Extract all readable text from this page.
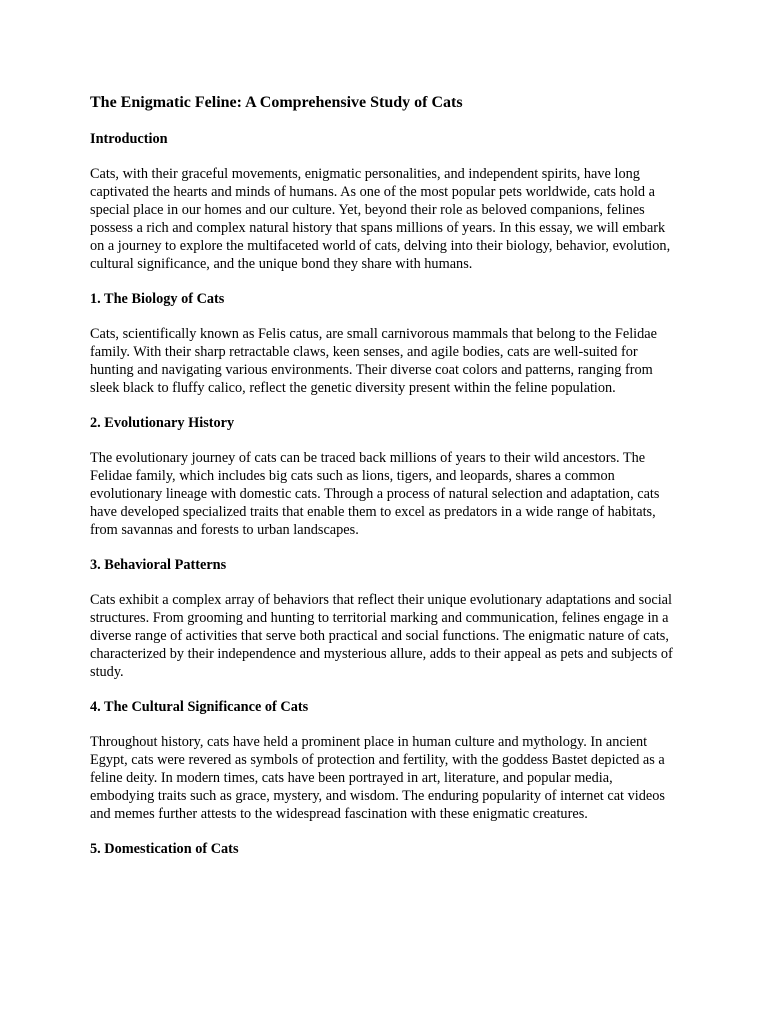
The Enigmatic Feline: A Comprehensive Study of Cats
Introduction

Cats, with their graceful movements, enigmatic personalities, and independent spirits, have long captivated the hearts and minds of humans. As one of the most popular pets worldwide, cats hold a special place in our homes and our culture. Yet, beyond their role as beloved companions, felines possess a rich and complex natural history that spans millions of years. In this essay, we will embark on a journey to explore the multifaceted world of cats, delving into their biology, behavior, evolution, cultural significance, and the unique bond they share with humans.

1. The Biology of Cats

Cats, scientifically known as Felis catus, are small carnivorous mammals that belong to the Felidae family. With their sharp retractable claws, keen senses, and agile bodies, cats are well-suited for hunting and navigating various environments. Their diverse coat colors and patterns, ranging from sleek black to fluffy calico, reflect the genetic diversity present within the feline population.

2. Evolutionary History

The evolutionary journey of cats can be traced back millions of years to their wild ancestors. The Felidae family, which includes big cats such as lions, tigers, and leopards, shares a common evolutionary lineage with domestic cats. Through a process of natural selection and adaptation, cats have developed specialized traits that enable them to excel as predators in a wide range of habitats, from savannas and forests to urban landscapes.

3. Behavioral Patterns

Cats exhibit a complex array of behaviors that reflect their unique evolutionary adaptations and social structures. From grooming and hunting to territorial marking and communication, felines engage in a diverse range of activities that serve both practical and social functions. The enigmatic nature of cats, characterized by their independence and mysterious allure, adds to their appeal as pets and subjects of study.

4. The Cultural Significance of Cats

Throughout history, cats have held a prominent place in human culture and mythology. In ancient Egypt, cats were revered as symbols of protection and fertility, with the goddess Bastet depicted as a feline deity. In modern times, cats have been portrayed in art, literature, and popular media, embodying traits such as grace, mystery, and wisdom. The enduring popularity of internet cat videos and memes further attests to the widespread fascination with these enigmatic creatures.

5. Domestication of Cats
